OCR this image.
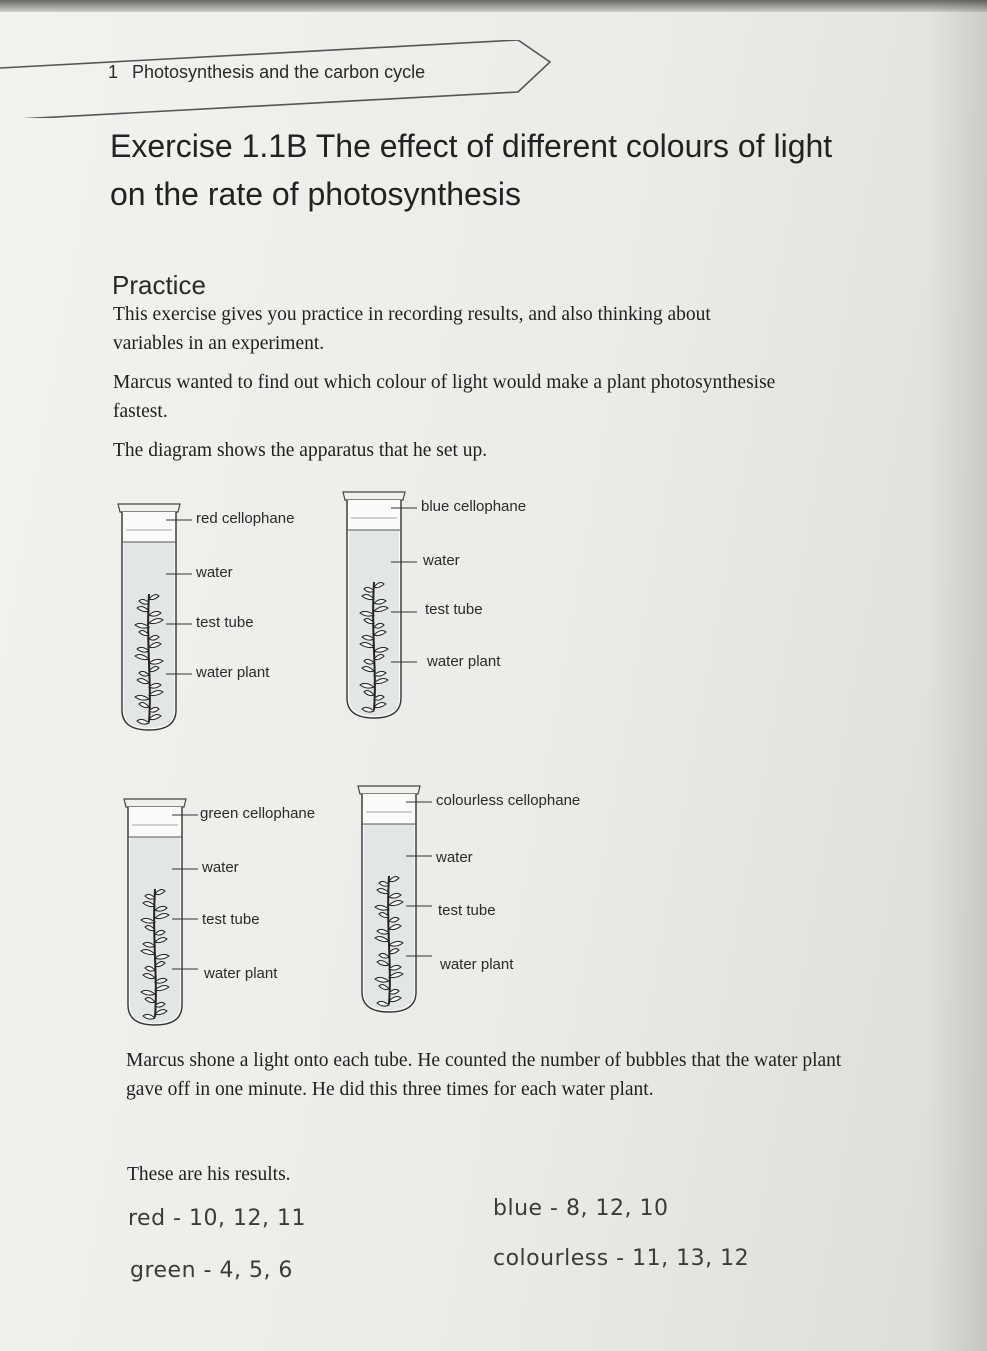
1 Photosynthesis and the carbon cycle
Exercise 1.1B The effect of different colours of light on the rate of photosynthesis
Practice
This exercise gives you practice in recording results, and also thinking about variables in an experiment.
Marcus wanted to find out which colour of light would make a plant photosynthesise fastest.
The diagram shows the apparatus that he set up.
red cellophane
water
test tube
water plant
blue cellophane
water
test tube
water plant
green cellophane
water
test tube
water plant
colourless cellophane
water
test tube
water plant
Marcus shone a light onto each tube. He counted the number of bubbles that the water plant gave off in one minute. He did this three times for each water plant.
These are his results.
red - 10, 12, 11	blue - 8, 12, 10
green - 4, 5, 6	colourless - 11, 13, 12
